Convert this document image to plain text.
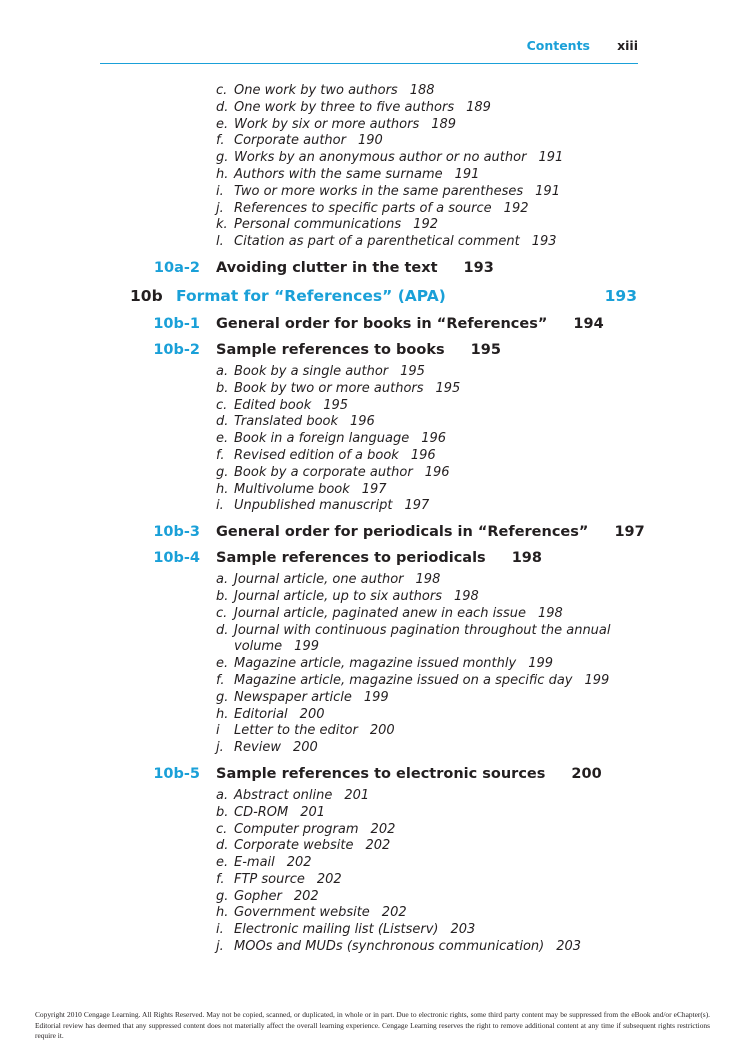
Contents xiii
c. One work by two authors 188
d. One work by three to five authors 189
e. Work by six or more authors 189
f. Corporate author 190
g. Works by an anonymous author or no author 191
h. Authors with the same surname 191
i. Two or more works in the same parentheses 191
j. References to specific parts of a source 192
k. Personal communications 192
l. Citation as part of a parenthetical comment 193
10a-2 Avoiding clutter in the text 193
10b Format for “References” (APA)	193
10b-1 General order for books in “References” 194
10b-2 Sample references to books 195
a. Book by a single author 195
b. Book by two or more authors 195
c. Edited book 195
d. Translated book 196
e. Book in a foreign language 196
f. Revised edition of a book 196
g. Book by a corporate author 196
h. Multivolume book 197
i. Unpublished manuscript 197
10b-3 General order for periodicals in “References” 197
10b-4 Sample references to periodicals 198
a. Journal article, one author 198
b. Journal article, up to six authors 198
c. Journal article, paginated anew in each issue 198
d. Journal with continuous pagination throughout the annual
volume 199
e. Magazine article, magazine issued monthly 199
f. Magazine article, magazine issued on a specific day 199
g. Newspaper article 199
h. Editorial 200
i Letter to the editor 200
j. Review 200
10b-5 Sample references to electronic sources 200
a. Abstract online 201
b. CD-ROM 201
c. Computer program 202
d. Corporate website 202
e. E-mail 202
f. FTP source 202
g. Gopher 202
h. Government website 202
i. Electronic mailing list (Listserv) 203
j. MOOs and MUDs (synchronous communication) 203
Copyright 2010 Cengage Learning. All Rights Reserved. May not be copied, scanned, or duplicated, in whole or in part. Due to electronic rights, some third party content may be suppressed from the eBook and/or eChapter(s). Editorial review has deemed that any suppressed content does not materially affect the overall learning experience. Cengage Learning reserves the right to remove additional content at any time if subsequent rights restrictions require it.
